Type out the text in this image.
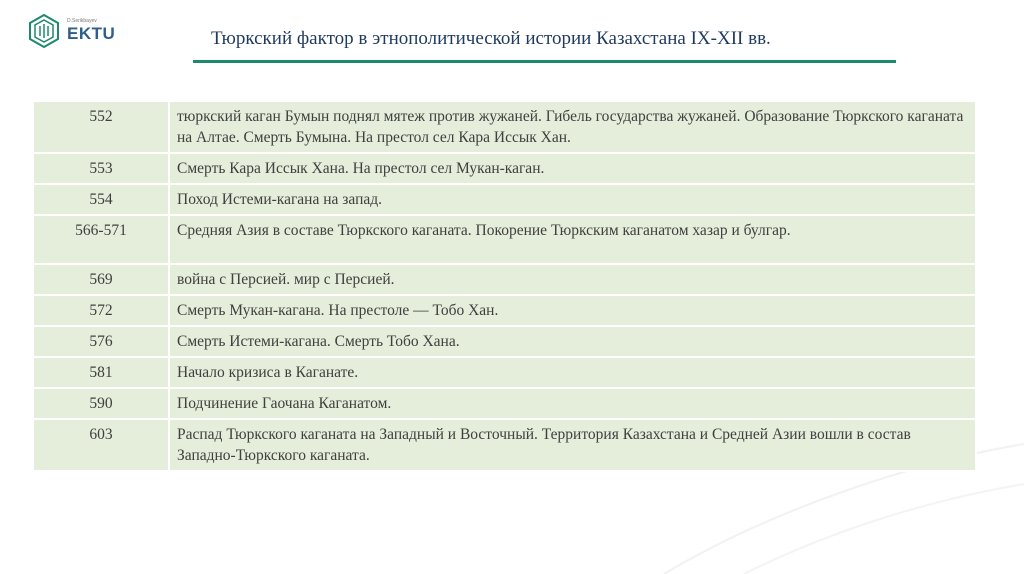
D.Serikbayev
EKTU	Тюркский фактор в этнополитической истории Казахстана IX-XII вв.
552	тюркский каган Бумын поднял мятеж против жужаней. Гибель государства жужаней. Образование Тюркского каганата на Алтае. Смерть Бумына. На престол сел Кара Иссык Хан.
553	Смерть Кара Иссык Хана. На престол сел Мукан-каган.
554	Поход Истеми-кагана на запад.
566-571	Средняя Азия в составе Тюркского каганата. Покорение Тюркским каганатом хазар и булгар.
569	война с Персией. мир с Персией.
572	Смерть Мукан-кагана. На престоле — Тобо Хан.
576	Смерть Истеми-кагана. Смерть Тобо Хана.
581	Начало кризиса в Каганате.
590	Подчинение Гаочана Каганатом.
603	Распад Тюркского каганата на Западный и Восточный. Территория Казахстана и Средней Азии вошли в состав Западно-Тюркского каганата.
